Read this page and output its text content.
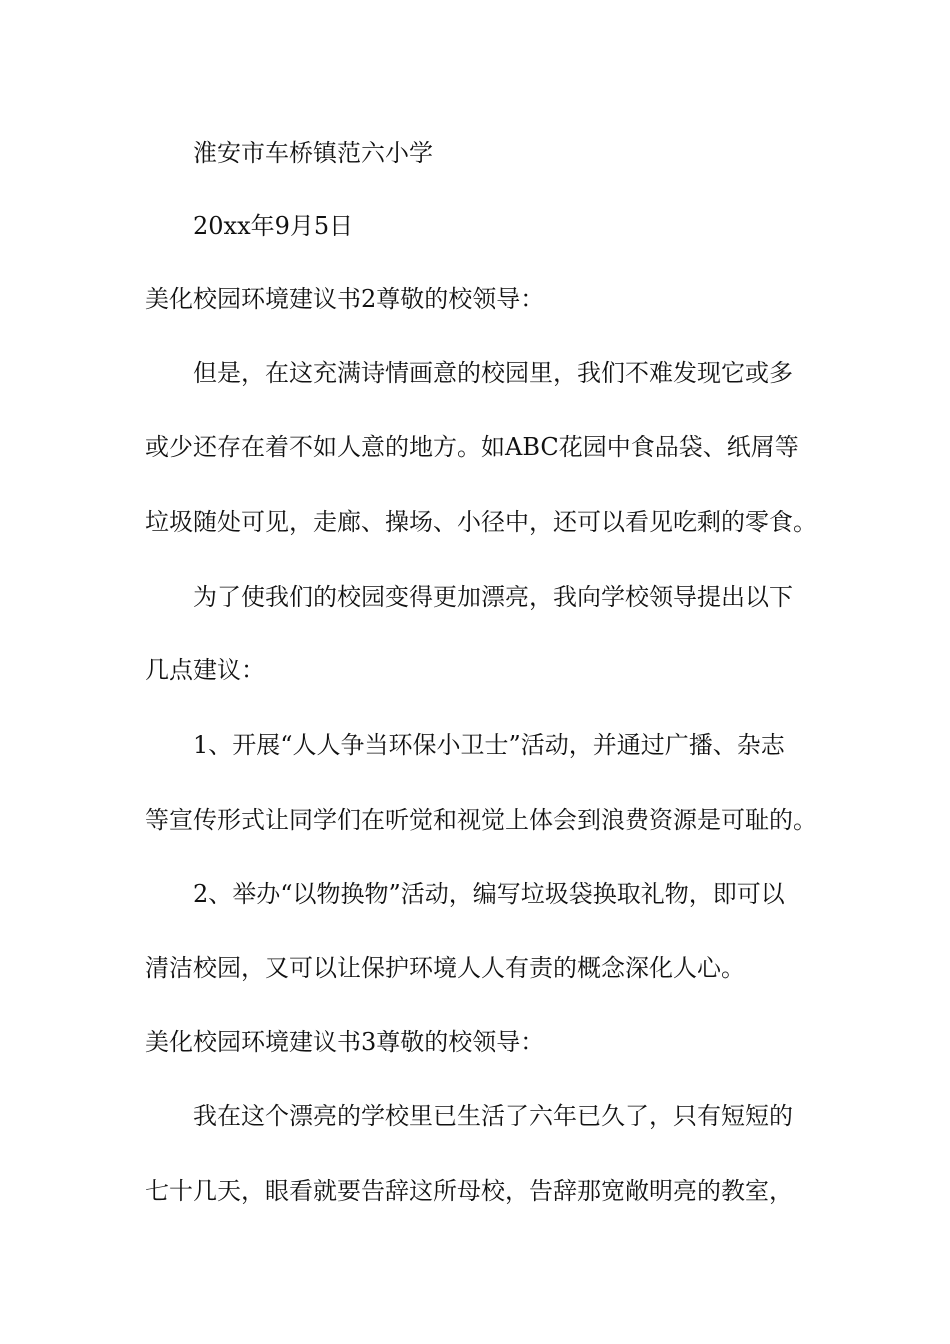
淮安市车桥镇范六小学
20xx年9月5日
美化校园环境建议书2尊敬的校领导：
但是，在这充满诗情画意的校园里，我们不难发现它或多
或少还存在着不如人意的地方。如ABC花园中食品袋、纸屑等
垃圾随处可见，走廊、操场、小径中，还可以看见吃剩的零食。
为了使我们的校园变得更加漂亮，我向学校领导提出以下
几点建议：
1、开展“人人争当环保小卫士”活动，并通过广播、杂志
等宣传形式让同学们在听觉和视觉上体会到浪费资源是可耻的。
2、举办“以物换物”活动，编写垃圾袋换取礼物，即可以
清洁校园，又可以让保护环境人人有责的概念深化人心。
美化校园环境建议书3尊敬的校领导：
我在这个漂亮的学校里已生活了六年已久了，只有短短的
七十几天，眼看就要告辞这所母校，告辞那宽敞明亮的教室，
